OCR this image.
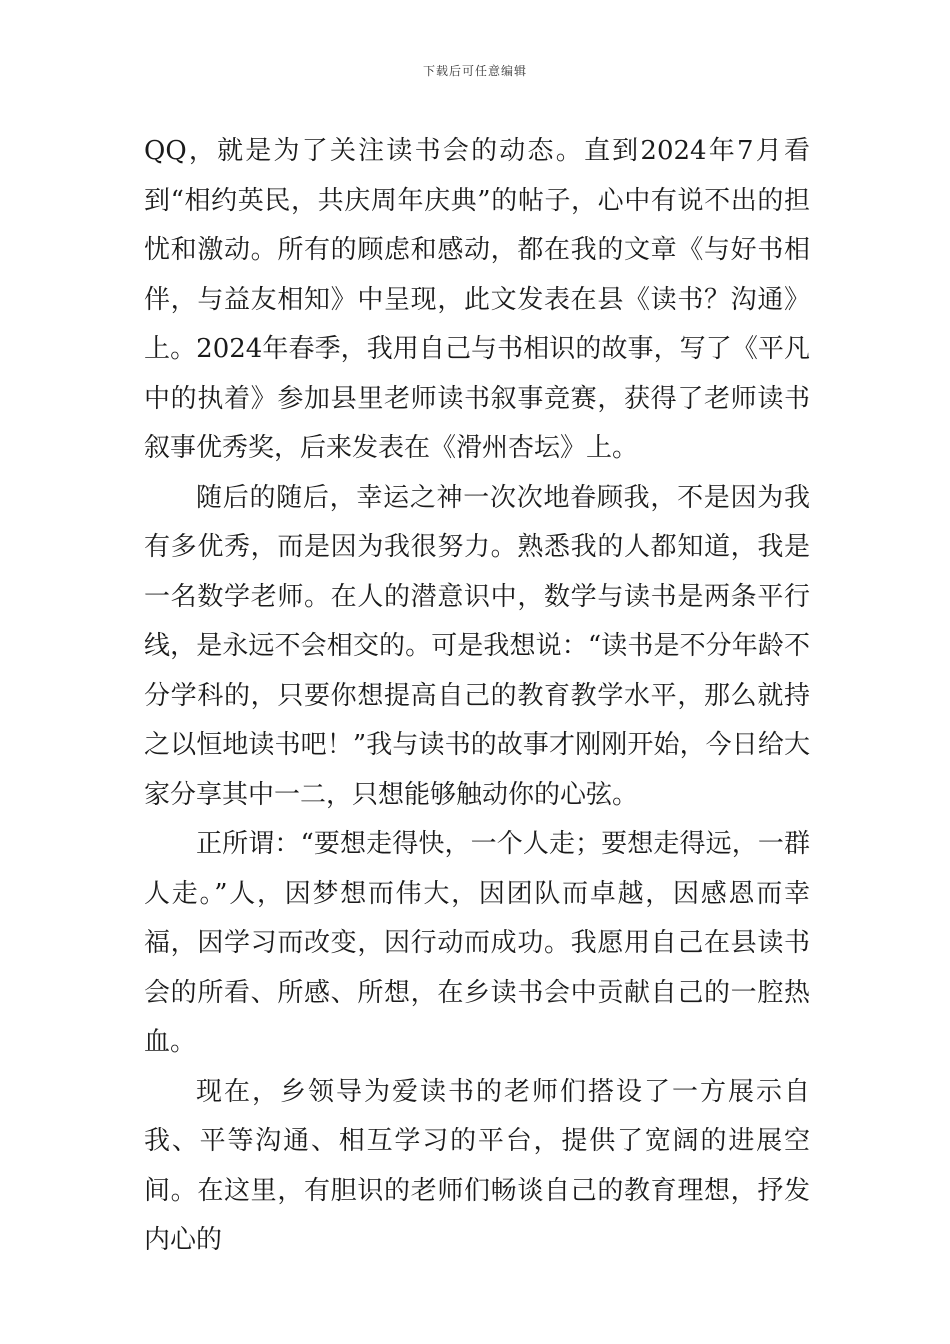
下载后可任意编辑

QQ，就是为了关注读书会的动态。直到2024年7月看到“相约英民，共庆周年庆典”的帖子，心中有说不出的担忧和激动。所有的顾虑和感动，都在我的文章《与好书相伴，与益友相知》中呈现，此文发表在县《读书？沟通》上。2024年春季，我用自己与书相识的故事，写了《平凡中的执着》参加县里老师读书叙事竞赛，获得了老师读书叙事优秀奖，后来发表在《滑州杏坛》上。

随后的随后，幸运之神一次次地眷顾我，不是因为我有多优秀，而是因为我很努力。熟悉我的人都知道，我是一名数学老师。在人的潜意识中，数学与读书是两条平行线，是永远不会相交的。可是我想说：“读书是不分年龄不分学科的，只要你想提高自己的教育教学水平，那么就持之以恒地读书吧！”我与读书的故事才刚刚开始，今日给大家分享其中一二，只想能够触动你的心弦。

正所谓：“要想走得快，一个人走；要想走得远，一群人走。”人，因梦想而伟大，因团队而卓越，因感恩而幸福，因学习而改变，因行动而成功。我愿用自己在县读书会的所看、所感、所想，在乡读书会中贡献自己的一腔热血。

现在，乡领导为爱读书的老师们搭设了一方展示自我、平等沟通、相互学习的平台，提供了宽阔的进展空间。在这里，有胆识的老师们畅谈自己的教育理想，抒发内心的
